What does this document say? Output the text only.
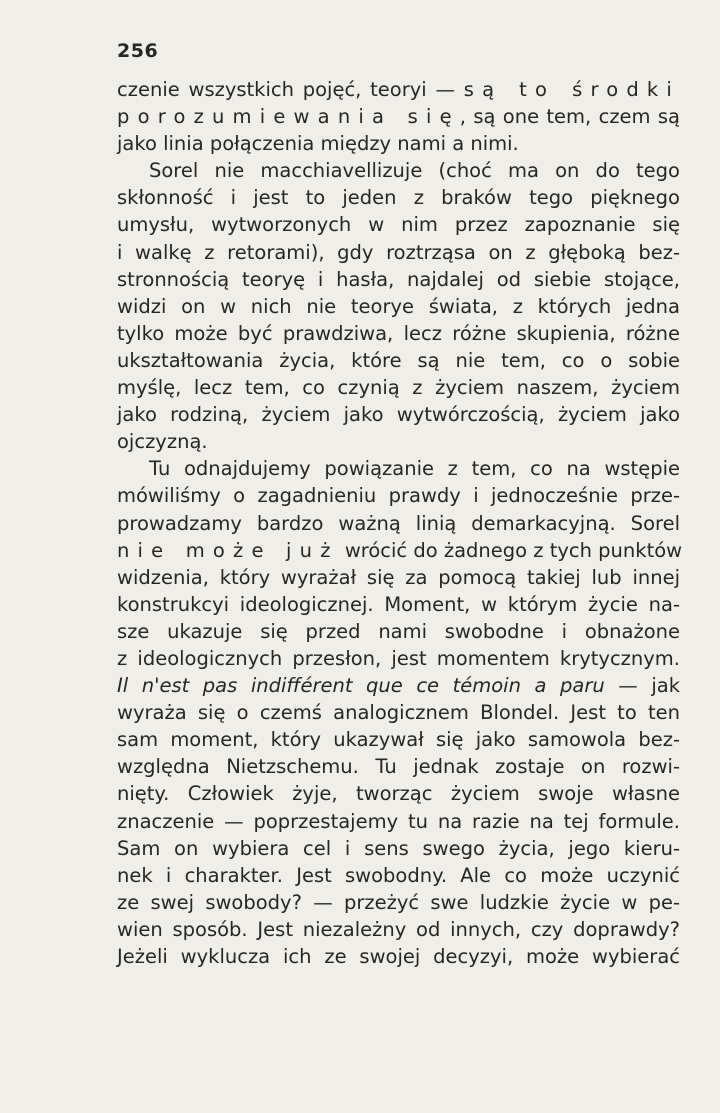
256
czenie wszystkich pojęć, teoryi — są to środki
porozumiewania się, są one tem, czem są
jako linia połączenia między nami a nimi.
Sorel nie macchiavellizuje (choć ma on do tego
skłonność i jest to jeden z braków tego pięknego
umysłu, wytworzonych w nim przez zapoznanie się
i walkę z retorami), gdy roztrząsa on z głęboką bez-
stronnością teoryę i hasła, najdalej od siebie stojące,
widzi on w nich nie teorye świata, z których jedna
tylko może być prawdziwa, lecz różne skupienia, różne
ukształtowania życia, które są nie tem, co o sobie
myślę, lecz tem, co czynią z życiem naszem, życiem
jako rodziną, życiem jako wytwórczością, życiem jako
ojczyzną.
Tu odnajdujemy powiązanie z tem, co na wstępie
mówiliśmy o zagadnieniu prawdy i jednocześnie prze-
prowadzamy bardzo ważną linią demarkacyjną. Sorel
nie może już wrócić do żadnego z tych punktów
widzenia, który wyrażał się za pomocą takiej lub innej
konstrukcyi ideologicznej. Moment, w którym życie na-
sze ukazuje się przed nami swobodne i obnażone
z ideologicznych przesłon, jest momentem krytycznym.
Il n'est pas indifférent que ce témoin a paru — jak
wyraża się o czemś analogicznem Blondel. Jest to ten
sam moment, który ukazywał się jako samowola bez-
względna Nietzschemu. Tu jednak zostaje on rozwi-
nięty. Człowiek żyje, tworząc życiem swoje własne
znaczenie — poprzestajemy tu na razie na tej formule.
Sam on wybiera cel i sens swego życia, jego kieru-
nek i charakter. Jest swobodny. Ale co może uczynić
ze swej swobody? — przeżyć swe ludzkie życie w pe-
wien sposób. Jest niezależny od innych, czy doprawdy?
Jeżeli wyklucza ich ze swojej decyzyi, może wybierać
